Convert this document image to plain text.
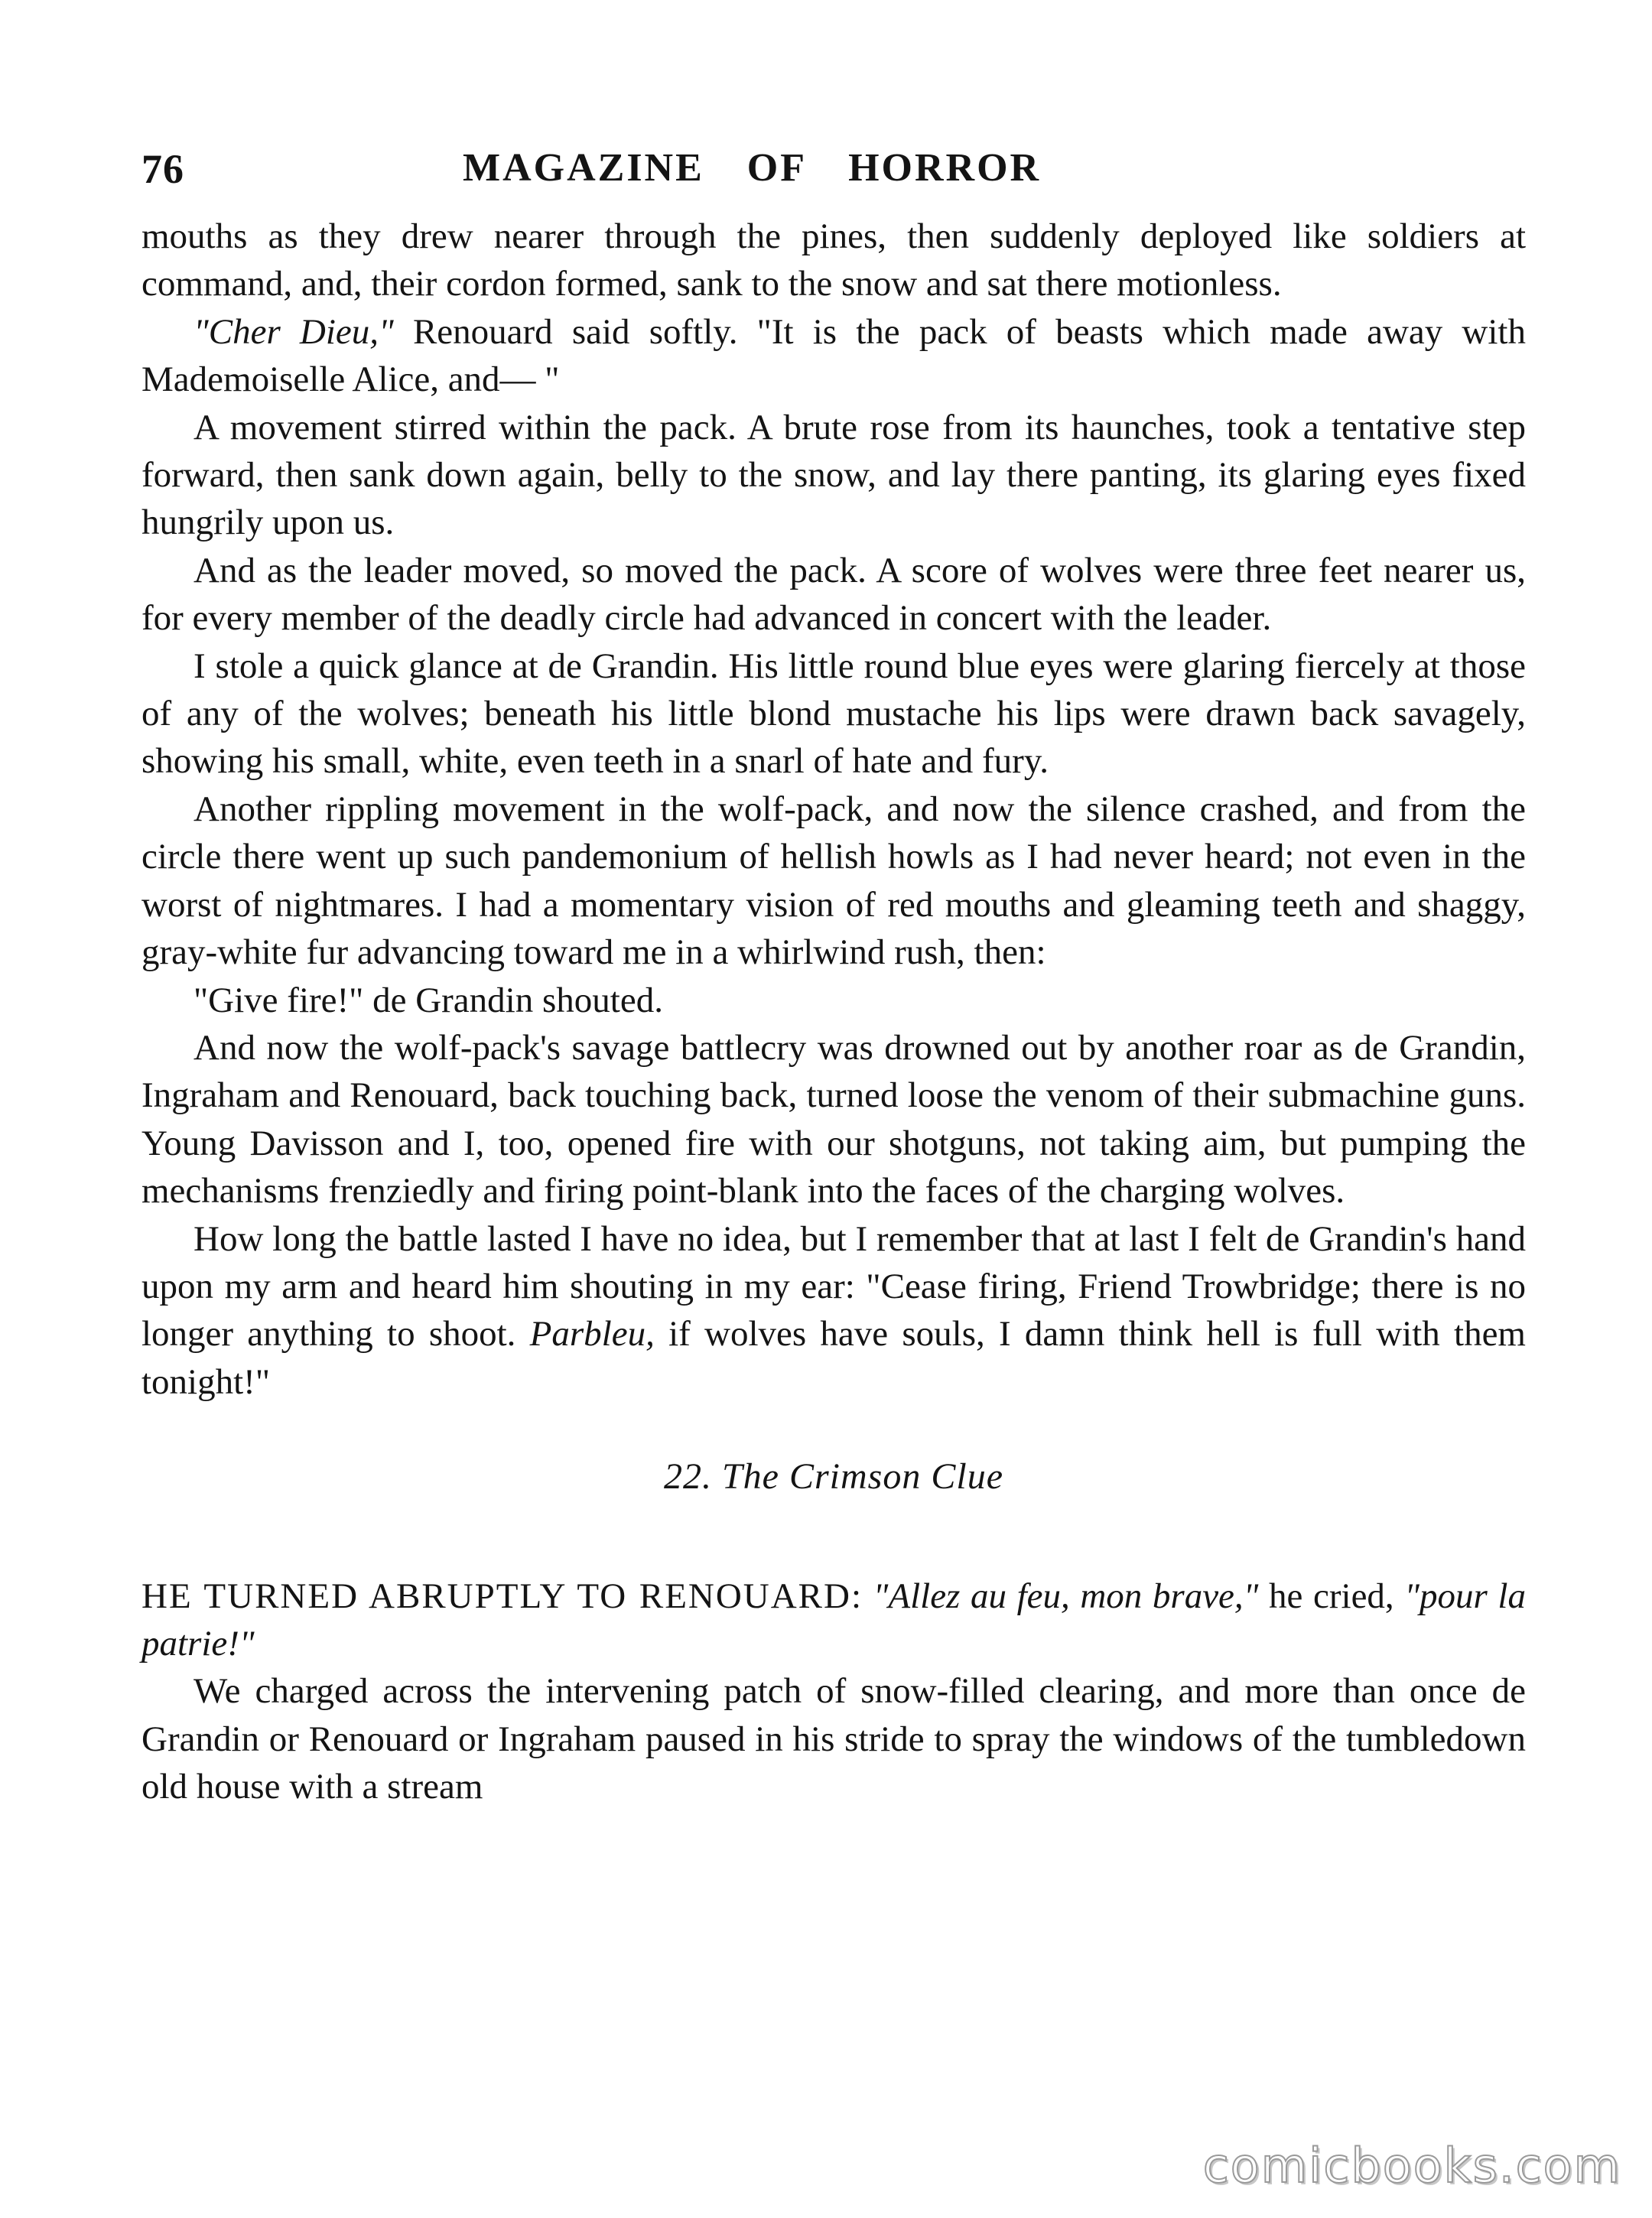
76	MAGAZINE OF HORROR

mouths as they drew nearer through the pines, then suddenly deployed like soldiers at command, and, their cordon formed, sank to the snow and sat there motionless.

"Cher Dieu," Renouard said softly. "It is the pack of beasts which made away with Mademoiselle Alice, and— "

A movement stirred within the pack. A brute rose from its haunches, took a tentative step forward, then sank down again, belly to the snow, and lay there panting, its glaring eyes fixed hungrily upon us.

And as the leader moved, so moved the pack. A score of wolves were three feet nearer us, for every member of the deadly circle had advanced in concert with the leader.

I stole a quick glance at de Grandin. His little round blue eyes were glaring fiercely at those of any of the wolves; beneath his little blond mustache his lips were drawn back savagely, showing his small, white, even teeth in a snarl of hate and fury.

Another rippling movement in the wolf-pack, and now the silence crashed, and from the circle there went up such pandemonium of hellish howls as I had never heard; not even in the worst of nightmares. I had a momentary vision of red mouths and gleaming teeth and shaggy, gray-white fur advancing toward me in a whirlwind rush, then:

"Give fire!" de Grandin shouted.

And now the wolf-pack's savage battlecry was drowned out by another roar as de Grandin, Ingraham and Renouard, back touching back, turned loose the venom of their submachine guns. Young Davisson and I, too, opened fire with our shotguns, not taking aim, but pumping the mechanisms frenziedly and firing point-blank into the faces of the charging wolves.

How long the battle lasted I have no idea, but I remember that at last I felt de Grandin's hand upon my arm and heard him shouting in my ear: "Cease firing, Friend Trowbridge; there is no longer anything to shoot. Parbleu, if wolves have souls, I damn think hell is full with them tonight!"

22. The Crimson Clue

HE TURNED ABRUPTLY TO RENOUARD: "Allez au feu, mon brave," he cried, "pour la patrie!"

We charged across the intervening patch of snow-filled clearing, and more than once de Grandin or Renouard or Ingraham paused in his stride to spray the windows of the tumbledown old house with a stream

comicbooks.com
